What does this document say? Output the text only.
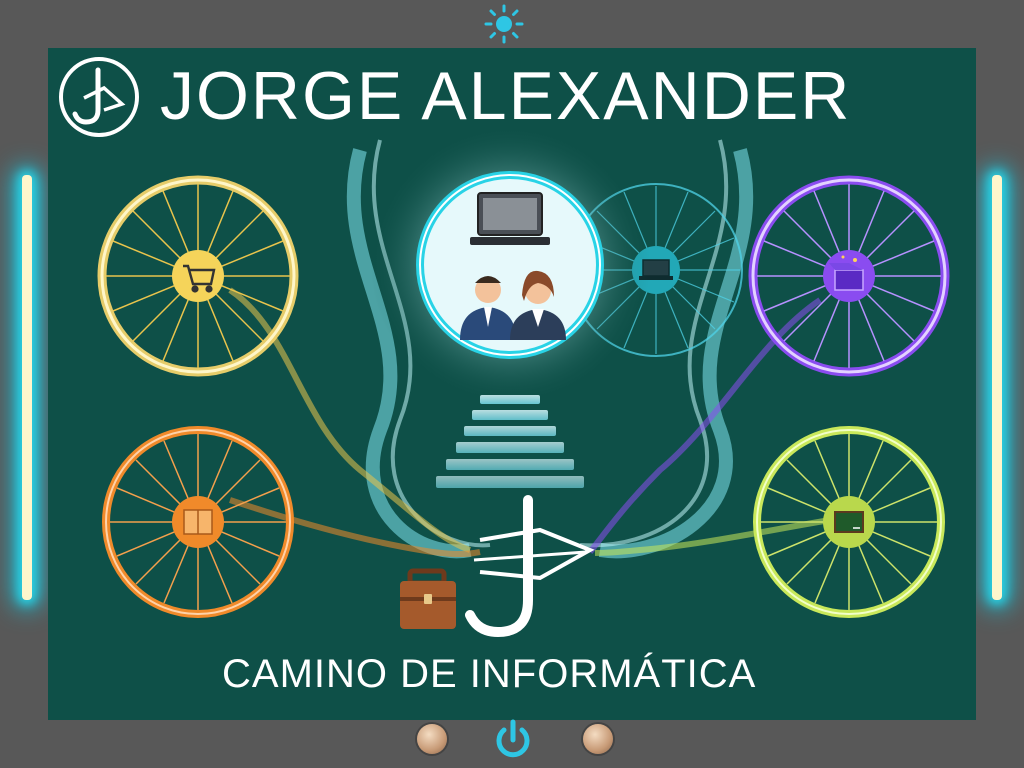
JORGE ALEXANDER
CAMINO DE INFORMÁTICA
